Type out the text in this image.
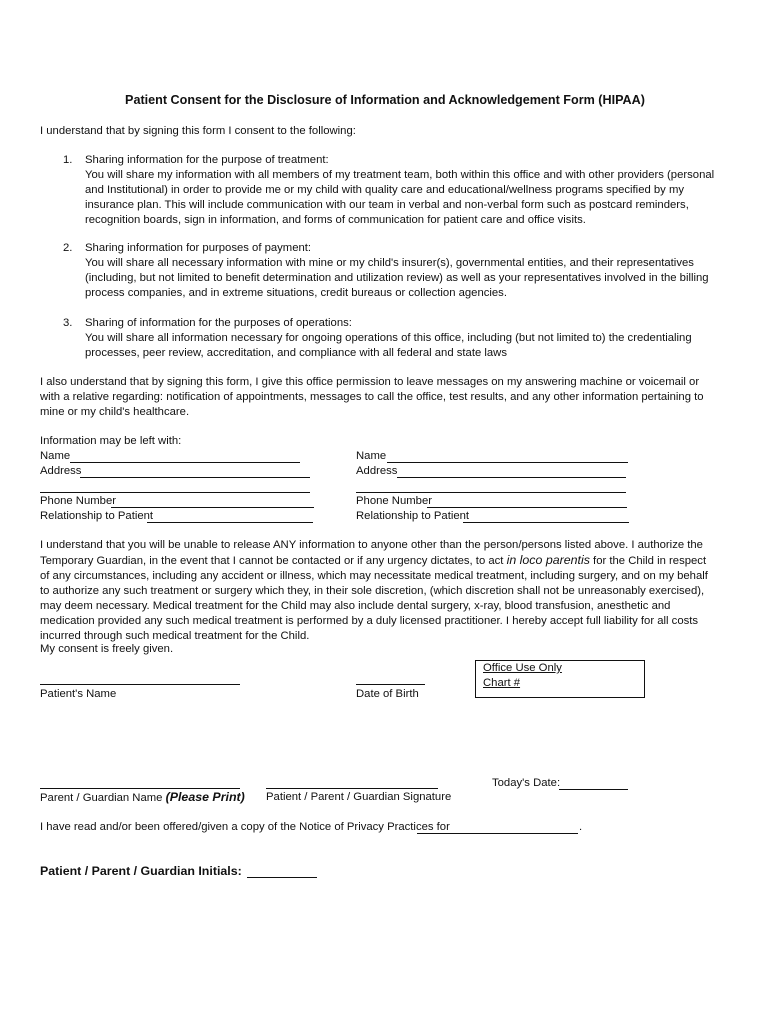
Patient Consent for the Disclosure of Information and Acknowledgement Form (HIPAA)
I understand that by signing this form I consent to the following:
1. Sharing information for the purpose of treatment:
You will share my information with all members of my treatment team, both within this office and with other providers (personal and Institutional) in order to provide me or my child with quality care and educational/wellness programs specified by my insurance plan. This will include communication with our team in verbal and non-verbal form such as postcard reminders, recognition boards, sign in information, and forms of communication for patient care and office visits.
2. Sharing information for purposes of payment:
You will share all necessary information with mine or my child's insurer(s), governmental entities, and their representatives (including, but not limited to benefit determination and utilization review) as well as your representatives involved in the billing process companies, and in extreme situations, credit bureaus or collection agencies.
3. Sharing of information for the purposes of operations:
You will share all information necessary for ongoing operations of this office, including (but not limited to) the credentialing processes, peer review, accreditation, and compliance with all federal and state laws
I also understand that by signing this form, I give this office permission to leave messages on my answering machine or voicemail or with a relative regarding: notification of appointments, messages to call the office, test results, and any other information pertaining to mine or my child's healthcare.
Information may be left with:
Name
Address
Phone Number
Relationship to Patient
Name
Address
Phone Number
Relationship to Patient
I understand that you will be unable to release ANY information to anyone other than the person/persons listed above. I authorize the Temporary Guardian, in the event that I cannot be contacted or if any urgency dictates, to act in loco parentis for the Child in respect of any circumstances, including any accident or illness, which may necessitate medical treatment, including surgery, and on my behalf to authorize any such treatment or surgery which they, in their sole discretion, (which discretion shall not be unreasonably exercised), may deem necessary. Medical treatment for the Child may also include dental surgery, x-ray, blood transfusion, anesthetic and medication provided any such medical treatment is performed by a duly licensed practitioner. I hereby accept full liability for all costs incurred through such medical treatment for the Child.
My consent is freely given.
Office Use Only
Chart #
Patient's Name	Date of Birth
Parent / Guardian Name (Please Print) Patient / Parent / Guardian Signature
Today's Date:
I have read and/or been offered/given a copy of the Notice of Privacy Practices for	.
Patient / Parent / Guardian Initials:
